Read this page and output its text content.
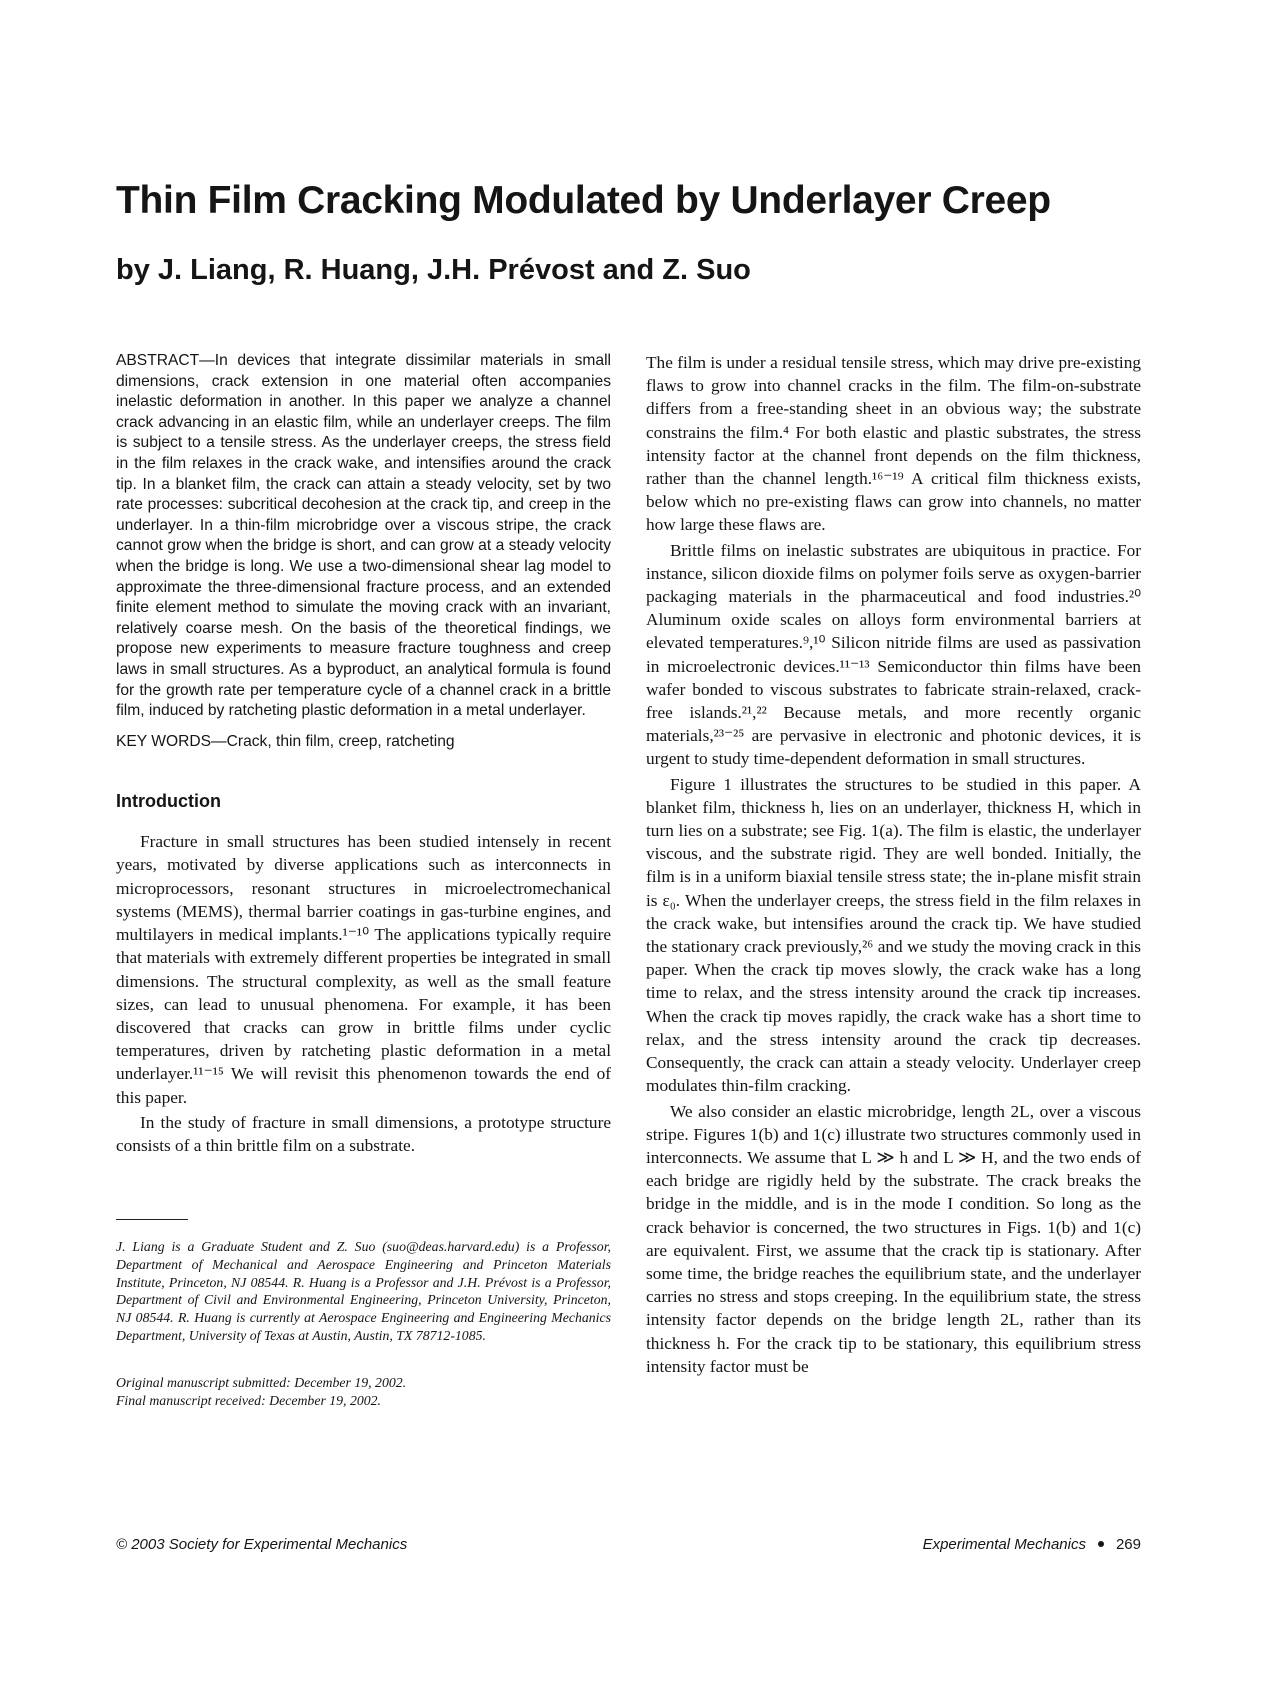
Thin Film Cracking Modulated by Underlayer Creep
by J. Liang, R. Huang, J.H. Prévost and Z. Suo

ABSTRACT—In devices that integrate dissimilar materials in small dimensions, crack extension in one material often accompanies inelastic deformation in another. In this paper we analyze a channel crack advancing in an elastic film, while an underlayer creeps. The film is subject to a tensile stress. As the underlayer creeps, the stress field in the film relaxes in the crack wake, and intensifies around the crack tip. In a blanket film, the crack can attain a steady velocity, set by two rate processes: subcritical decohesion at the crack tip, and creep in the underlayer. In a thin-film microbridge over a viscous stripe, the crack cannot grow when the bridge is short, and can grow at a steady velocity when the bridge is long. We use a two-dimensional shear lag model to approximate the three-dimensional fracture process, and an extended finite element method to simulate the moving crack with an invariant, relatively coarse mesh. On the basis of the theoretical findings, we propose new experiments to measure fracture toughness and creep laws in small structures. As a byproduct, an analytical formula is found for the growth rate per temperature cycle of a channel crack in a brittle film, induced by ratcheting plastic deformation in a metal underlayer.

KEY WORDS—Crack, thin film, creep, ratcheting

Introduction

Fracture in small structures has been studied intensely in recent years, motivated by diverse applications such as interconnects in microprocessors, resonant structures in microelectromechanical systems (MEMS), thermal barrier coatings in gas-turbine engines, and multilayers in medical implants.¹⁻¹⁰ The applications typically require that materials with extremely different properties be integrated in small dimensions. The structural complexity, as well as the small feature sizes, can lead to unusual phenomena. For example, it has been discovered that cracks can grow in brittle films under cyclic temperatures, driven by ratcheting plastic deformation in a metal underlayer.¹¹⁻¹⁵ We will revisit this phenomenon towards the end of this paper.

In the study of fracture in small dimensions, a prototype structure consists of a thin brittle film on a substrate.

J. Liang is a Graduate Student and Z. Suo (suo@deas.harvard.edu) is a Professor, Department of Mechanical and Aerospace Engineering and Princeton Materials Institute, Princeton, NJ 08544. R. Huang is a Professor and J.H. Prévost is a Professor, Department of Civil and Environmental Engineering, Princeton University, Princeton, NJ 08544. R. Huang is currently at Aerospace Engineering and Engineering Mechanics Department, University of Texas at Austin, Austin, TX 78712-1085.

Original manuscript submitted: December 19, 2002.
Final manuscript received: December 19, 2002.

The film is under a residual tensile stress, which may drive pre-existing flaws to grow into channel cracks in the film. The film-on-substrate differs from a free-standing sheet in an obvious way; the substrate constrains the film.⁴ For both elastic and plastic substrates, the stress intensity factor at the channel front depends on the film thickness, rather than the channel length.¹⁶⁻¹⁹ A critical film thickness exists, below which no pre-existing flaws can grow into channels, no matter how large these flaws are.

Brittle films on inelastic substrates are ubiquitous in practice. For instance, silicon dioxide films on polymer foils serve as oxygen-barrier packaging materials in the pharmaceutical and food industries.²⁰ Aluminum oxide scales on alloys form environmental barriers at elevated temperatures.⁹,¹⁰ Silicon nitride films are used as passivation in microelectronic devices.¹¹⁻¹³ Semiconductor thin films have been wafer bonded to viscous substrates to fabricate strain-relaxed, crack-free islands.²¹,²² Because metals, and more recently organic materials,²³⁻²⁵ are pervasive in electronic and photonic devices, it is urgent to study time-dependent deformation in small structures.

Figure 1 illustrates the structures to be studied in this paper. A blanket film, thickness h, lies on an underlayer, thickness H, which in turn lies on a substrate; see Fig. 1(a). The film is elastic, the underlayer viscous, and the substrate rigid. They are well bonded. Initially, the film is in a uniform biaxial tensile stress state; the in-plane misfit strain is ε₀. When the underlayer creeps, the stress field in the film relaxes in the crack wake, but intensifies around the crack tip. We have studied the stationary crack previously,²⁶ and we study the moving crack in this paper. When the crack tip moves slowly, the crack wake has a long time to relax, and the stress intensity around the crack tip increases. When the crack tip moves rapidly, the crack wake has a short time to relax, and the stress intensity around the crack tip decreases. Consequently, the crack can attain a steady velocity. Underlayer creep modulates thin-film cracking.

We also consider an elastic microbridge, length 2L, over a viscous stripe. Figures 1(b) and 1(c) illustrate two structures commonly used in interconnects. We assume that L ≫ h and L ≫ H, and the two ends of each bridge are rigidly held by the substrate. The crack breaks the bridge in the middle, and is in the mode I condition. So long as the crack behavior is concerned, the two structures in Figs. 1(b) and 1(c) are equivalent. First, we assume that the crack tip is stationary. After some time, the bridge reaches the equilibrium state, and the underlayer carries no stress and stops creeping. In the equilibrium state, the stress intensity factor depends on the bridge length 2L, rather than its thickness h. For the crack tip to be stationary, this equilibrium stress intensity factor must be

© 2003 Society for Experimental Mechanics	Experimental Mechanics 269
